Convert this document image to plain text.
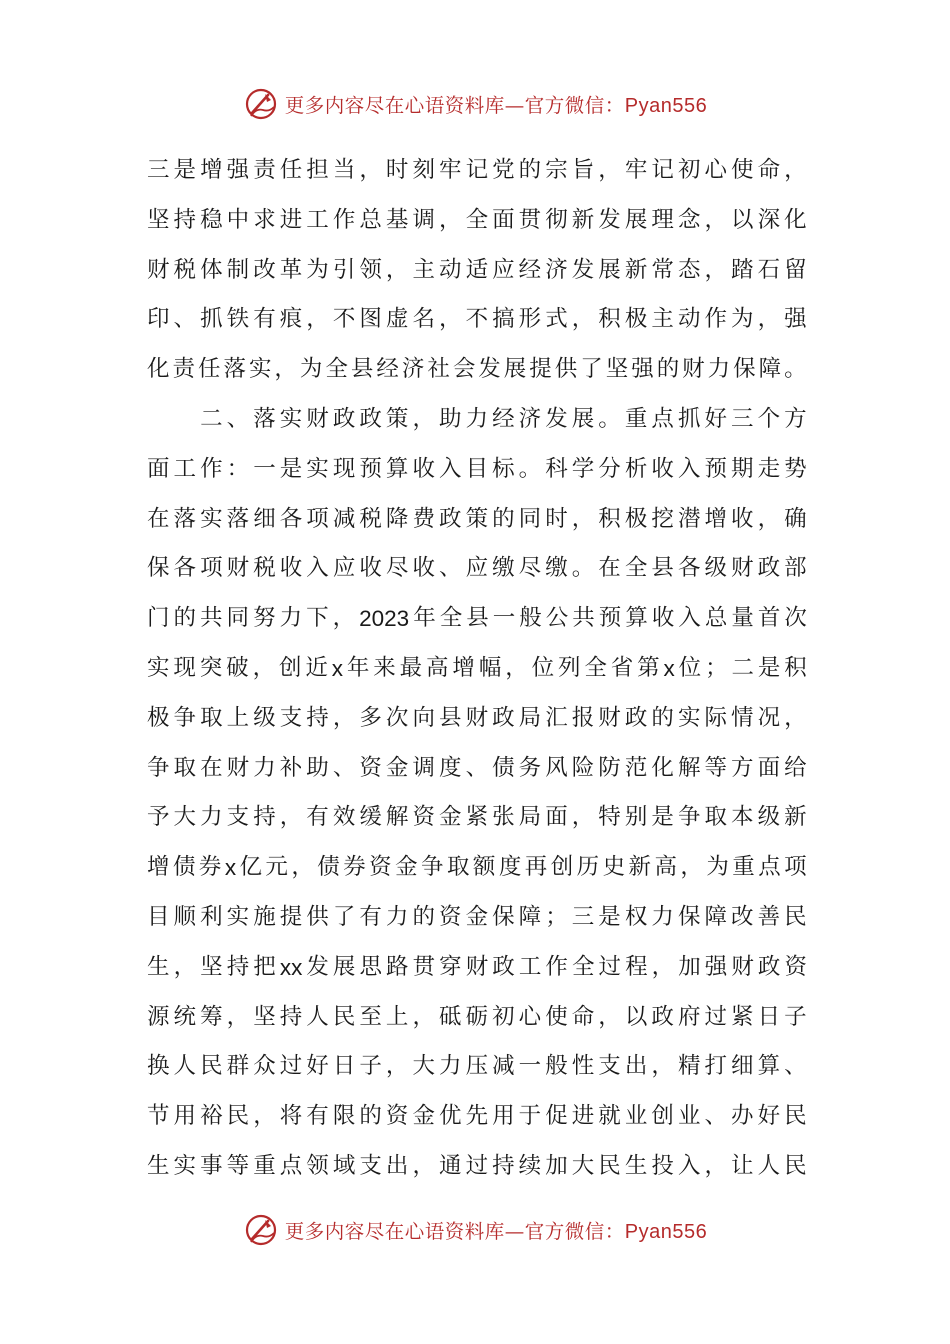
更多内容尽在心语资料库—官方微信：Pyan556
三 是 增 强 责 任 担 当 ， 时 刻 牢 记 党 的 宗 旨 ， 牢 记 初 心 使 命 ，
坚 持 稳 中 求 进 工 作 总 基 调 ， 全 面 贯 彻 新 发 展 理 念 ， 以 深 化
财 税 体 制 改 革 为 引 领 ， 主 动 适 应 经 济 发 展 新 常 态 ， 踏 石 留
印 、 抓 铁 有 痕 ， 不 图 虚 名 ， 不 搞 形 式 ， 积 极 主 动 作 为 ， 强
化 责 任 落 实 ， 为 全 县 经 济 社 会 发 展 提 供 了 坚 强 的 财 力 保 障 。

二 、 落 实 财 政 政 策 ， 助 力 经 济 发 展 。 重 点 抓 好 三 个 方
面 工 作 ： 一 是 实 现 预 算 收 入 目 标 。 科 学 分 析 收 入 预 期 走 势
在 落 实 落 细 各 项 减 税 降 费 政 策 的 同 时 ， 积 极 挖 潜 增 收 ， 确
保 各 项 财 税 收 入 应 收 尽 收 、 应 缴 尽 缴 。 在 全 县 各 级 财 政 部
门 的 共 同 努 力 下 ， 2023 年 全 县 一 般 公 共 预 算 收 入 总 量 首 次
实 现 突 破 ， 创 近 x 年 来 最 高 增 幅 ， 位 列 全 省 第 x 位 ； 二 是 积
极 争 取 上 级 支 持 ， 多 次 向 县 财 政 局 汇 报 财 政 的 实 际 情 况 ，
争 取 在 财 力 补 助 、 资 金 调 度 、 债 务 风 险 防 范 化 解 等 方 面 给
予 大 力 支 持 ， 有 效 缓 解 资 金 紧 张 局 面 ， 特 别 是 争 取 本 级 新
增 债 券 x 亿 元 ， 债 券 资 金 争 取 额 度 再 创 历 史 新 高 ， 为 重 点 项
目 顺 利 实 施 提 供 了 有 力 的 资 金 保 障 ； 三 是 权 力 保 障 改 善 民
生 ， 坚 持 把 xx 发 展 思 路 贯 穿 财 政 工 作 全 过 程 ， 加 强 财 政 资
源 统 筹 ， 坚 持 人 民 至 上 ， 砥 砺 初 心 使 命 ， 以 政 府 过 紧 日 子
换 人 民 群 众 过 好 日 子 ， 大 力 压 减 一 般 性 支 出 ， 精 打 细 算 、
节 用 裕 民 ， 将 有 限 的 资 金 优 先 用 于 促 进 就 业 创 业 、 办 好 民
生 实 事 等 重 点 领 域 支 出 ， 通 过 持 续 加 大 民 生 投 入 ， 让 人 民
更多内容尽在心语资料库—官方微信：Pyan556
